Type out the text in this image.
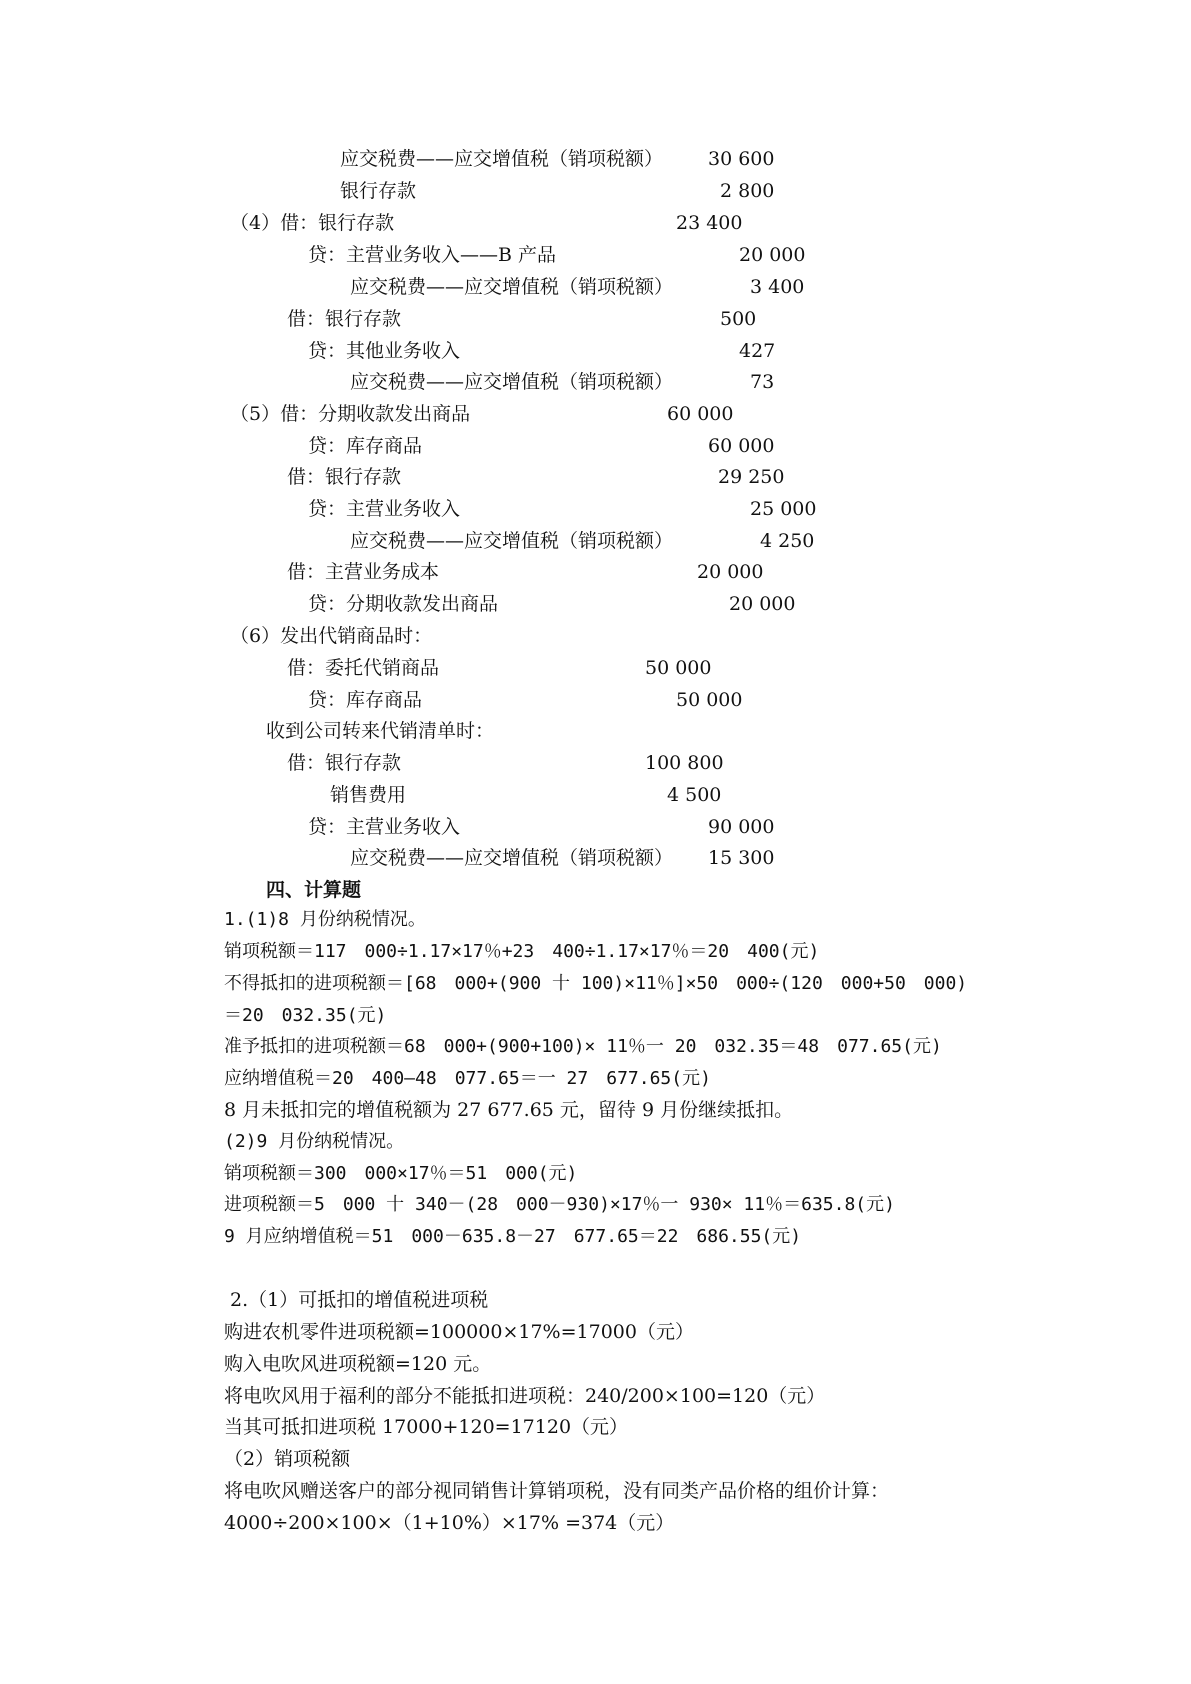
应交税费——应交增值税（销项税额） 30 600
银行存款	2 800
（4）借：银行存款	23 400
贷：主营业务收入——B 产品	20 000
应交税费——应交增值税（销项税额）	3 400
借：银行存款	500
贷：其他业务收入	427
应交税费——应交增值税（销项税额）	73
（5）借：分期收款发出商品	60 000
贷：库存商品	60 000
借：银行存款	29 250
贷：主营业务收入	25 000
应交税费——应交增值税（销项税额）	4 250
借：主营业务成本	20 000
贷：分期收款发出商品	20 000
（6）发出代销商品时：
借：委托代销商品	50 000
贷：库存商品	50 000
收到公司转来代销清单时：
借：银行存款	100 800
销售费用	4 500
贷：主营业务收入	90 000
应交税费——应交增值税（销项税额） 15 300
四、计算题
1.(1)8 月份纳税情况。
销项税额＝117　000÷1.17×17％+23　400÷1.17×17％＝20　400(元)
不得抵扣的进项税额＝[68　000+(900 十 100)×11％]×50　000÷(120　000+50　000)
＝20　032.35(元)
准予抵扣的进项税额＝68　000+(900+100)× 11％一 20　032.35＝48　077.65(元)
应纳增值税＝20　400—48　077.65＝一 27　677.65(元)
8 月未抵扣完的增值税额为 27 677.65 元，留待 9 月份继续抵扣。
(2)9 月份纳税情况。
销项税额＝300　000×17％＝51　000(元)
进项税额＝5　000 十 340－(28　000－930)×17％一 930× 11％＝635.8(元)
9 月应纳增值税＝51　000－635.8－27　677.65＝22　686.55(元)
2.（1）可抵扣的增值税进项税
购进农机零件进项税额=100000×17%=17000（元）
购入电吹风进项税额=120 元。
将电吹风用于福利的部分不能抵扣进项税：240/200×100=120（元）
当其可抵扣进项税 17000+120=17120（元）
（2）销项税额
将电吹风赠送客户的部分视同销售计算销项税，没有同类产品价格的组价计算：
4000÷200×100×（1+10%）×17% =374（元）
